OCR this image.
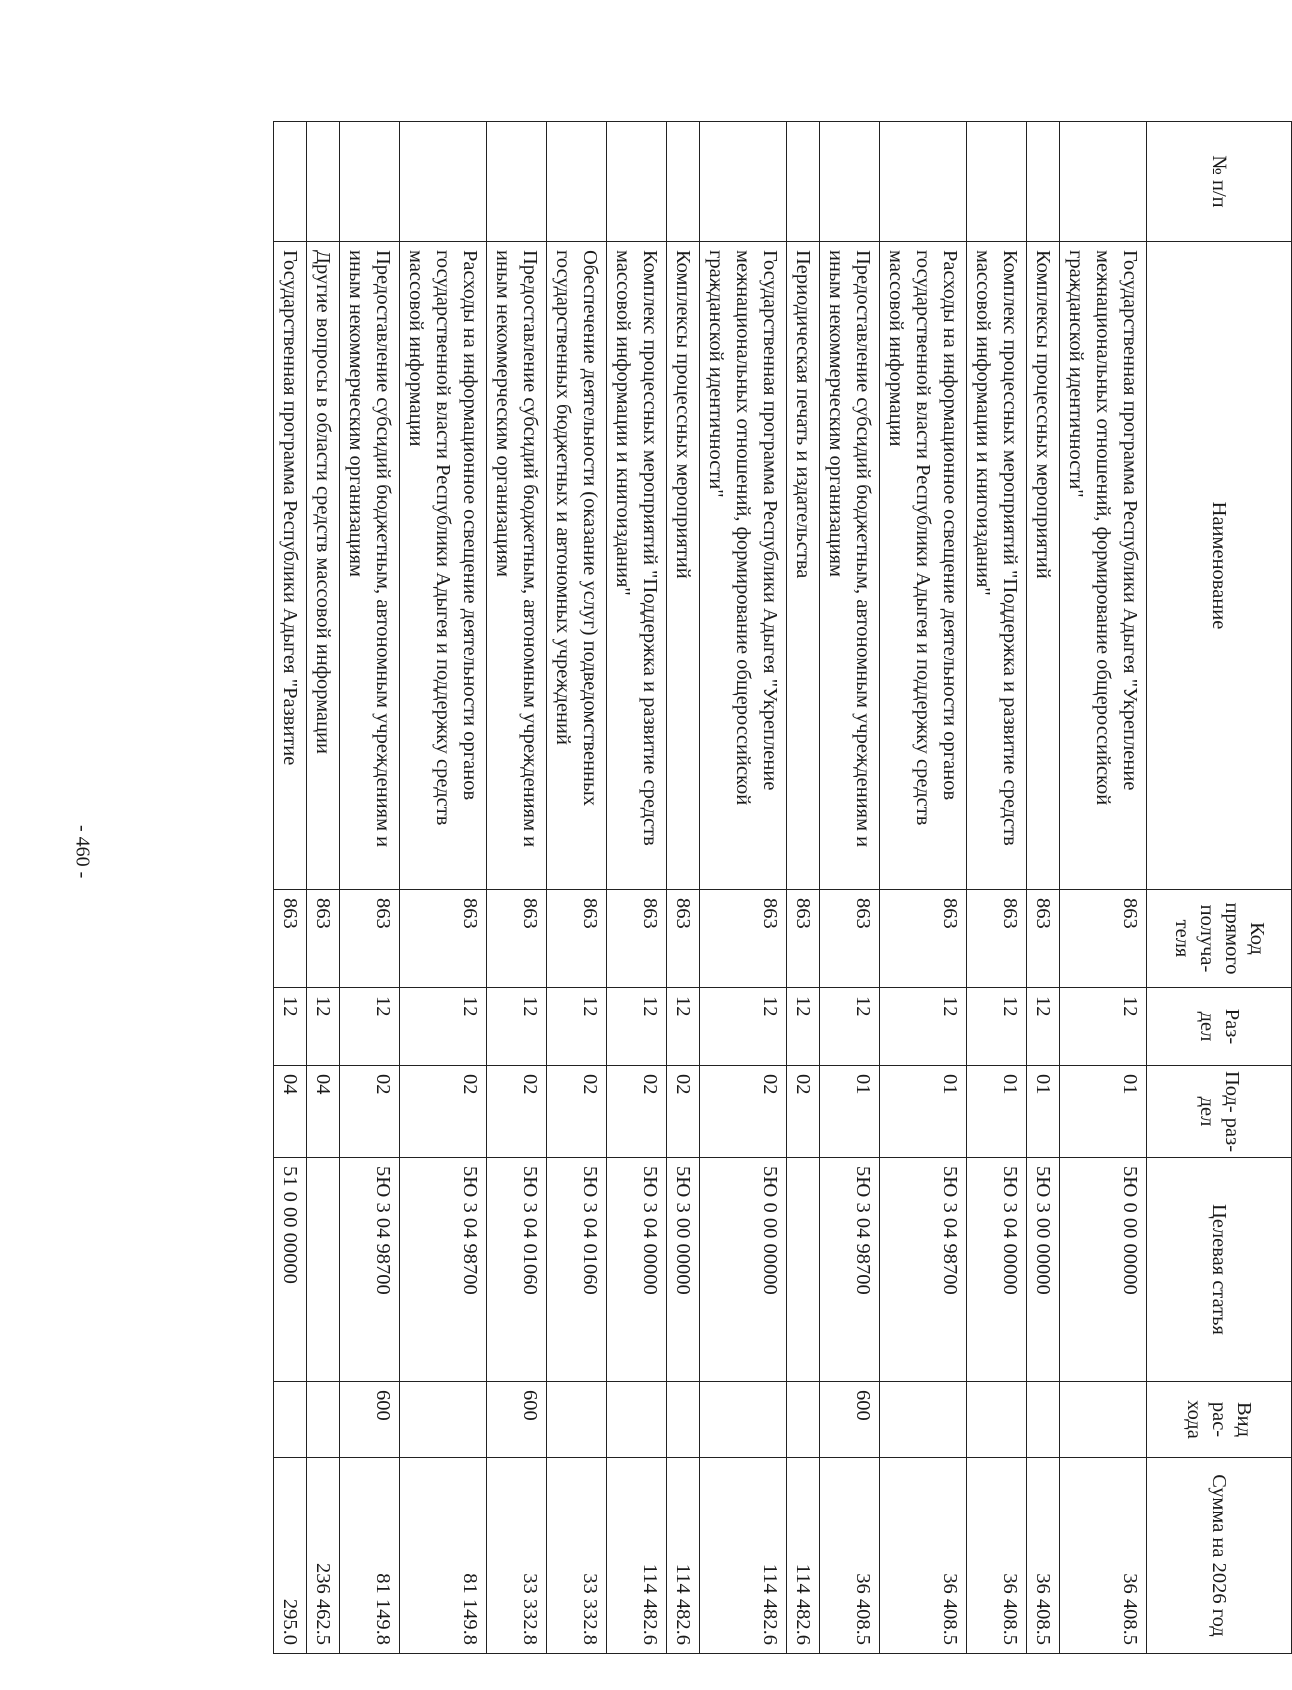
- 460 -
№ п/п	Наименование	Код прямого получа- теля	Раз- дел	Под- раз- дел	Целевая статья	Вид рас- хода	Сумма на 2026 год
	Государственная программа Республики Адыгея "Укрепление межнациональных отношений, формирование общероссийской гражданской идентичности"	863	12	01	5Ю 0 00 00000		36 408.5
	Комплексы процессных мероприятий	863	12	01	5Ю 3 00 00000		36 408.5
	Комплекс процессных мероприятий "Поддержка и развитие средств массовой информации и книгоиздания"	863	12	01	5Ю 3 04 00000		36 408.5
	Расходы на информационное освещение деятельности органов государственной власти Республики Адыгея и поддержку средств массовой информации	863	12	01	5Ю 3 04 98700		36 408.5
	Предоставление субсидий бюджетным, автономным учреждениям и иным некоммерческим организациям	863	12	01	5Ю 3 04 98700	600	36 408.5
	Периодическая печать и издательства	863	12	02			114 482.6
	Государственная программа Республики Адыгея "Укрепление межнациональных отношений, формирование общероссийской гражданской идентичности"	863	12	02	5Ю 0 00 00000		114 482.6
	Комплексы процессных мероприятий	863	12	02	5Ю 3 00 00000		114 482.6
	Комплекс процессных мероприятий "Поддержка и развитие средств массовой информации и книгоиздания"	863	12	02	5Ю 3 04 00000		114 482.6
	Обеспечение деятельности (оказание услуг) подведомственных государственных бюджетных и автономных учреждений	863	12	02	5Ю 3 04 01060		33 332.8
	Предоставление субсидий бюджетным, автономным учреждениям и иным некоммерческим организациям	863	12	02	5Ю 3 04 01060	600	33 332.8
	Расходы на информационное освещение деятельности органов государственной власти Республики Адыгея и поддержку средств массовой информации	863	12	02	5Ю 3 04 98700		81 149.8
	Предоставление субсидий бюджетным, автономным учреждениям и иным некоммерческим организациям	863	12	02	5Ю 3 04 98700	600	81 149.8
	Другие вопросы в области средств массовой информации	863	12	04			236 462.5
	Государственная программа Республики Адыгея "Развитие	863	12	04	51 0 00 00000		295.0
